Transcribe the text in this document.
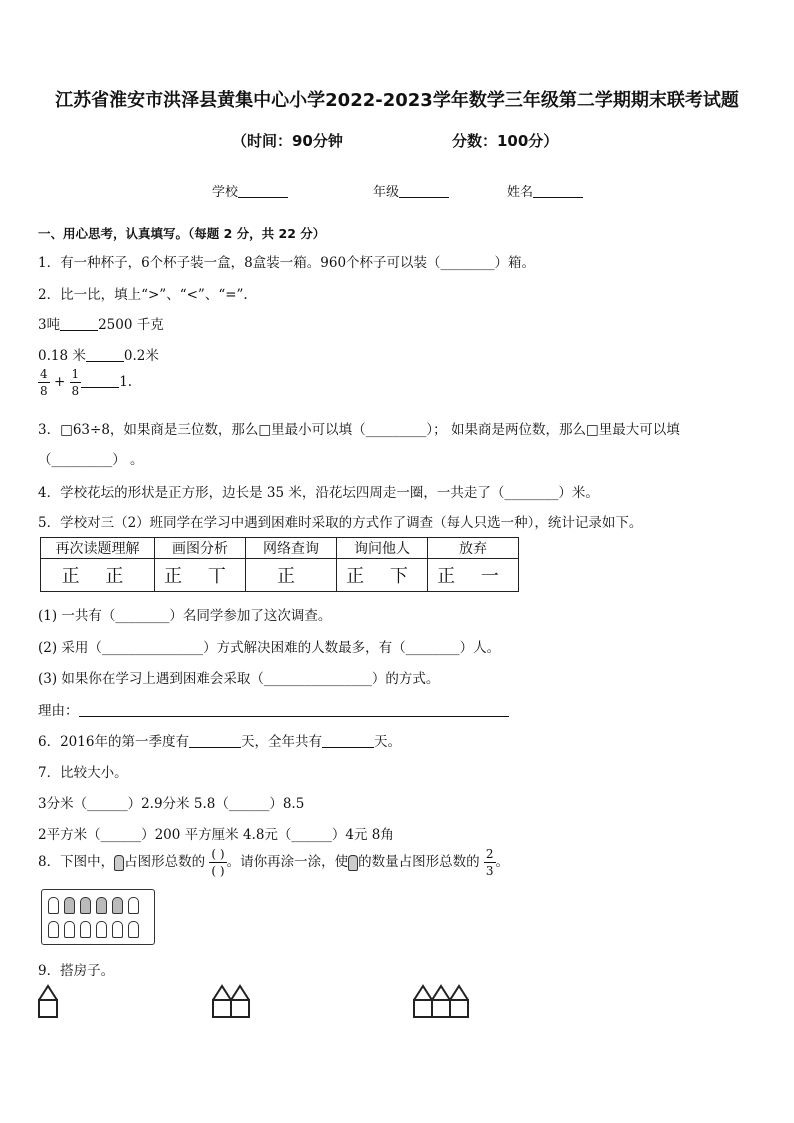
江苏省淮安市洪泽县黄集中心小学2022-2023学年数学三年级第二学期期末联考试题
（时间：90分钟	分数：100分）
学校	年级	姓名
一、用心思考，认真填写。（每题 2 分，共 22 分）
1．有一种杯子，6个杯子装一盒，8盒装一箱。960个杯子可以装（________）箱。
2．比一比，填上“>”、“<”、“=”.
3吨	2500 千克
0.18 米	0.2米
$\frac{4}{8} + \frac{1}{8}$	1.
3．□63÷8，如果商是三位数，那么□里最小可以填（_________）； 如果商是两位数，那么□里最大可以填
（_________） 。
4．学校花坛的形状是正方形，边长是 35 米，沿花坛四周走一圈，一共走了（________）米。
5．学校对三（2）班同学在学习中遇到困难时采取的方式作了调查（每人只选一种），统计记录如下。
再次读题理解	画图分析	网络查询	询问他人	放弃
正 正	正 丅	正	正 下	正 一
(1) 一共有（________）名同学参加了这次调查。
(2) 采用（_______________）方式解决困难的人数最多，有（________）人。
(3) 如果你在学习上遇到困难会采取（________________）的方式。
理由：
6．2016年的第一季度有	天，全年共有	天。
7．比较大小。
3分米（______）2.9分米 5.8（______）8.5
2平方米（______）200 平方厘米 4.8元（______）4元 8角
8．下图中， 占图形总数的 $\frac{( )}{( )}$ 。请你再涂一涂，使 的数量占图形总数的 $\frac{2}{3}$ 。
9．搭房子。
